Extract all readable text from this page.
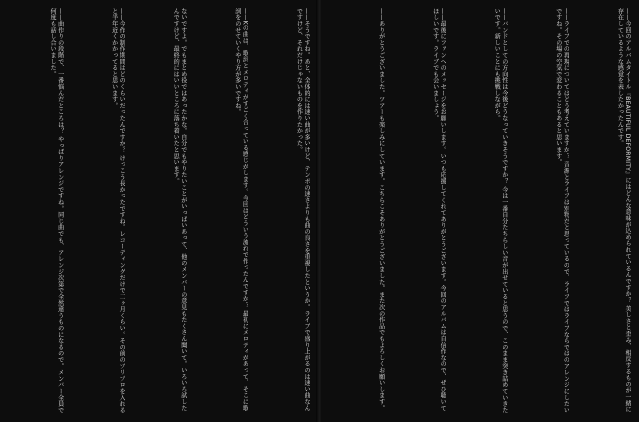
——そうですね。あと、全体的には速い曲が多いけど、テンポの速さよりも曲の良さを重視したというか。ライブで盛り上がるのは速い曲なんですけど、それだけじゃないものを作りたかった。
——Kの曲は、歌詞とメロディがすごく合っている感じがします。今回はどういう流れで作ったんですか？ 最初にメロディがあって、そこに歌詞をのせていくやり方が多いですね。
ないですよ。でもまとめ役ではあったかな。自分でもやりたいことがいっぱいあって、他のメンバーの意見もたくさん聞いて。いろいろ試したんですけど、最終的にはいいところに落ち着いたと思います。
——今作の制作期間はどのくらいだったんですか？ けっこう長かったですね。レコーディングだけで二ヶ月くらい。その前のプリプロを入れると半年近くかかってると思います。
——曲作りの段階で、一番悩んだところは？ やっぱりアレンジですね。同じ曲でも、アレンジ次第で全然違うものになるので。メンバー全員で何度も話し合いました。	——今回のアルバムタイトル『BEAUTIFUL DEFORMITY』にはどんな意味が込められているんですか？ 美しさと歪み、相反するものが一緒に存在しているような感覚を表したかったんです。
——ライブでの再現についてはどう考えていますか？ 音源とライブは別物だと思っているので、ライブではライブならではのアレンジにしたいですね。その場の空気で変わることもあると思います。
——バンドとしての方向性は今後どうなっていきそうですか？ 今は一番自分たちらしい音が出せていると思うので、このまま突き詰めていきたいです。新しいことにも挑戦しながら。
——最後にファンへのメッセージをお願いします。いつも応援してくれてありがとうございます。今回のアルバムは自信作なので、ぜひ聴いてほしいです。ライブでも会いましょう。
——ありがとうございました。ツアーも楽しみにしています。こちらこそありがとうございました。また次の作品でもよろしくお願いします。
